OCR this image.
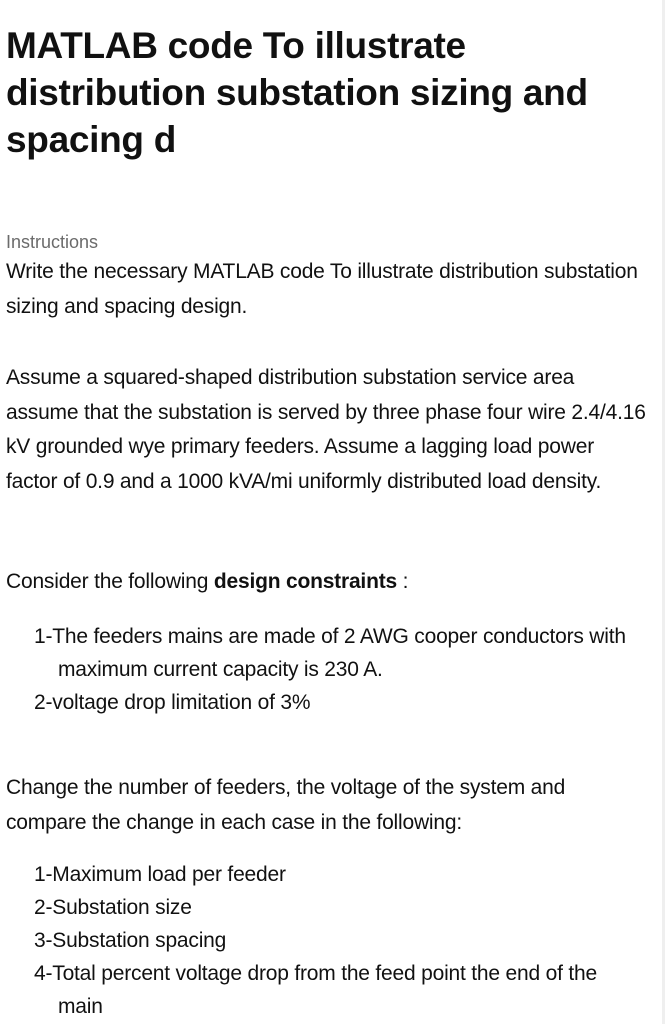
MATLAB code To illustrate distribution substation sizing and spacing d
Instructions

Write the necessary MATLAB code To illustrate distribution substation sizing and spacing design.

Assume a squared-shaped distribution substation service area assume that the substation is served by three phase four wire 2.4/4.16 kV grounded wye primary feeders. Assume a lagging load power factor of 0.9 and a 1000 kVA/mi uniformly distributed load density.

Consider the following design constraints :

1-The feeders mains are made of 2 AWG cooper conductors with maximum current capacity is 230 A.
2-voltage drop limitation of 3%

Change the number of feeders, the voltage of the system and compare the change in each case in the following:

1-Maximum load per feeder
2-Substation size
3-Substation spacing
4-Total percent voltage drop from the feed point the end of the main
